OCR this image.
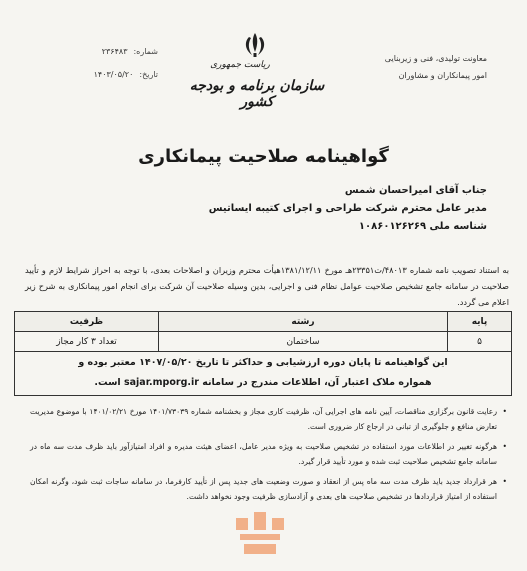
شماره:
۲۳۶۴۸۳
تاریخ:
۱۴۰۳/۰۵/۲۰
معاونت تولیدی، فنی و زیربنایی
امور پیمانکاران و مشاوران
ریاست جمهوری
سازمان برنامه و بودجه کشور
گواهینامه صلاحیت پیمانکاری
جناب آقای امیراحسان شمس
مدیر عامل محترم شرکت طراحی و اجرای کتیبه ایساتیس
شناسه ملی ۱۰۸۶۰۱۲۶۲۶۹
به استناد تصویب نامه شماره ۴۸۰۱۳/ت۲۳۳۵۱هـ مورخ ۱۳۸۱/۱۲/۱۱هیأت محترم وزیران و اصلاحات بعدی، با توجه به احراز شرایط لازم و تأیید صلاحیت در سامانه جامع تشخیص صلاحیت عوامل نظام فنی و اجرایی، بدین وسیله صلاحیت آن شرکت برای انجام امور پیمانکاری به شرح زیر اعلام می گردد.
پایه	رشته	ظرفیت
۵	ساختمان	تعداد ۳ کار مجاز
این گواهینامه تا پایان دوره ارزشیابی و حداکثر تا تاریخ ۱۴۰۷/۰۵/۲۰ معتبر بوده و
همواره ملاک اعتبار آن، اطلاعات مندرج در سامانه sajar.mporg.ir است.
•
رعایت قانون برگزاری مناقصات، آیین نامه های اجرایی آن، ظرفیت کاری مجاز و بخشنامه شماره ۱۴۰۱/۷۳۰۳۹ مورخ ۱۴۰۱/۰۲/۲۱ با موضوع مدیریت تعارض منافع و جلوگیری از تبانی در ارجاع کار ضروری است.
•
هرگونه تغییر در اطلاعات مورد استفاده در تشخیص صلاحیت به ویژه مدیر عامل، اعضای هیئت مدیره و افراد امتیازآور باید ظرف مدت سه ماه در سامانه جامع تشخیص صلاحیت ثبت شده و مورد تأیید قرار گیرد.
•
هر قرارداد جدید باید ظرف مدت سه ماه پس از انعقاد و صورت وضعیت های جدید پس از تأیید کارفرما، در سامانه ساجات ثبت شود، وگرنه امکان استفاده از امتیاز قراردادها در تشخیص صلاحیت های بعدی و آزادسازی ظرفیت وجود نخواهد داشت.
